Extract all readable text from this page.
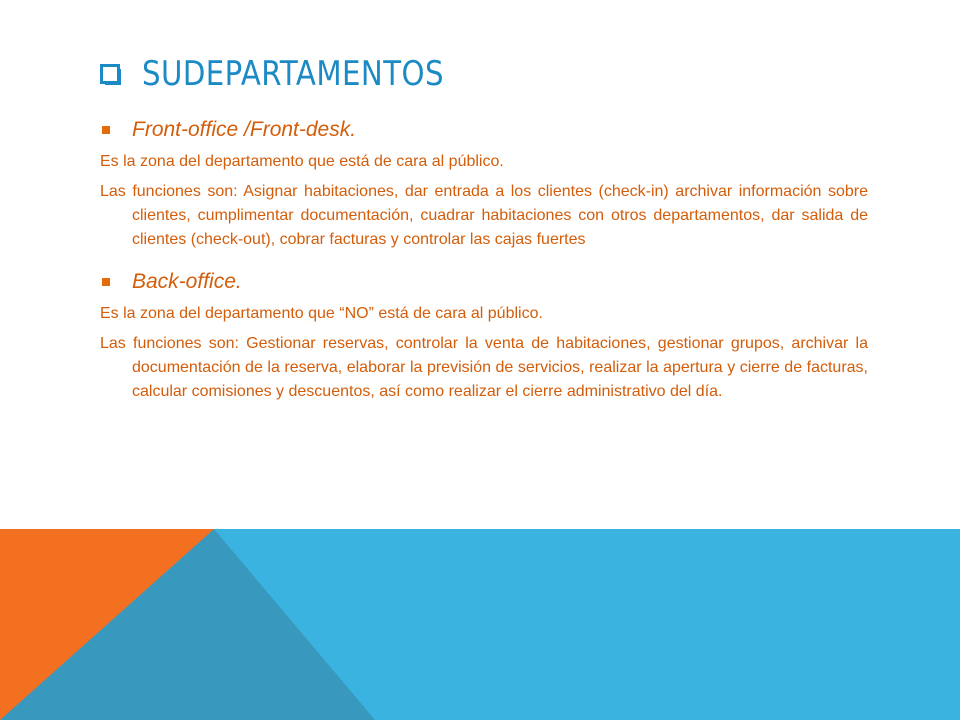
SUDEPARTAMENTOS
Front-office /Front-desk.

Es la zona del departamento que está de cara al público.

Las funciones son: Asignar habitaciones, dar entrada a los clientes (check-in) archivar información sobre clientes, cumplimentar documentación, cuadrar habitaciones con otros departamentos, dar salida de clientes (check-out), cobrar facturas y controlar las cajas fuertes

Back-office.

Es la zona del departamento que “NO” está de cara al público.

Las funciones son: Gestionar reservas, controlar la venta de habitaciones, gestionar grupos, archivar la documentación de la reserva, elaborar la previsión de servicios, realizar la apertura y cierre de facturas, calcular comisiones y descuentos, así como realizar el cierre administrativo del día.
